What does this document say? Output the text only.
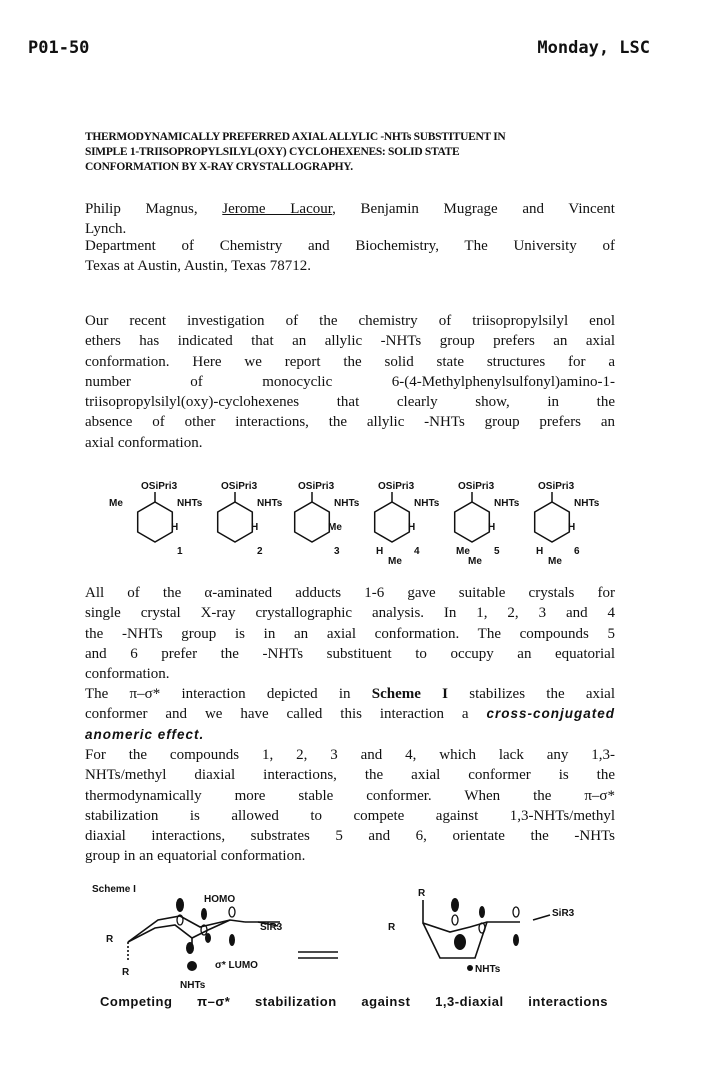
P01-50	Monday, LSC
THERMODYNAMICALLY PREFERRED AXIAL ALLYLIC -NHTs SUBSTITUENT IN
SIMPLE 1-TRIISOPROPYLSILYL(OXY) CYCLOHEXENES: SOLID STATE
CONFORMATION BY X-RAY CRYSTALLOGRAPHY.
Philip Magnus, Jerome Lacour, Benjamin Mugrage and Vincent
Lynch.
Department of Chemistry and Biochemistry, The University of
Texas at Austin, Austin, Texas 78712.
Our recent investigation of the chemistry of triisopropylsilyl enol
ethers has indicated that an allylic -NHTs group prefers an axial
conformation. Here we report the solid state structures for a
number of monocyclic 6-(4-Methylphenylsulfonyl)amino-1-
triisopropylsilyl(oxy)-cyclohexenes that clearly show, in the
absence of other interactions, the allylic -NHTs group prefers an
axial conformation.
OSiPri3
NHTs
H
Me
1
OSiPri3
NHTs
H
2
OSiPri3
NHTs
Me
3
OSiPri3
NHTs
H
Me
H	4
OSiPri3
NHTs
H
Me
Me 5
OSiPri3
NHTs
H
Me
H	6
All of the α-aminated adducts 1-6 gave suitable crystals for
single crystal X-ray crystallographic analysis. In 1, 2, 3 and 4
the -NHTs group is in an axial conformation. The compounds 5
and 6 prefer the -NHTs substituent to occupy an equatorial
conformation.
The π–σ* interaction depicted in Scheme I stabilizes the axial
conformer and we have called this interaction a cross-conjugated
anomeric effect.
For the compounds 1, 2, 3 and 4, which lack any 1,3-
NHTs/methyl diaxial interactions, the axial conformer is the
thermodynamically more stable conformer. When the π–σ*
stabilization is allowed to compete against 1,3-NHTs/methyl
diaxial interactions, substrates 5 and 6, orientate the -NHTs
group in an equatorial conformation.
Scheme I
HOMO
σ* LUMO
SiR3
R
R
NHTs
R
R
SiR3
NHTs
Competing π–σ* stabilization against 1,3-diaxial interactions
